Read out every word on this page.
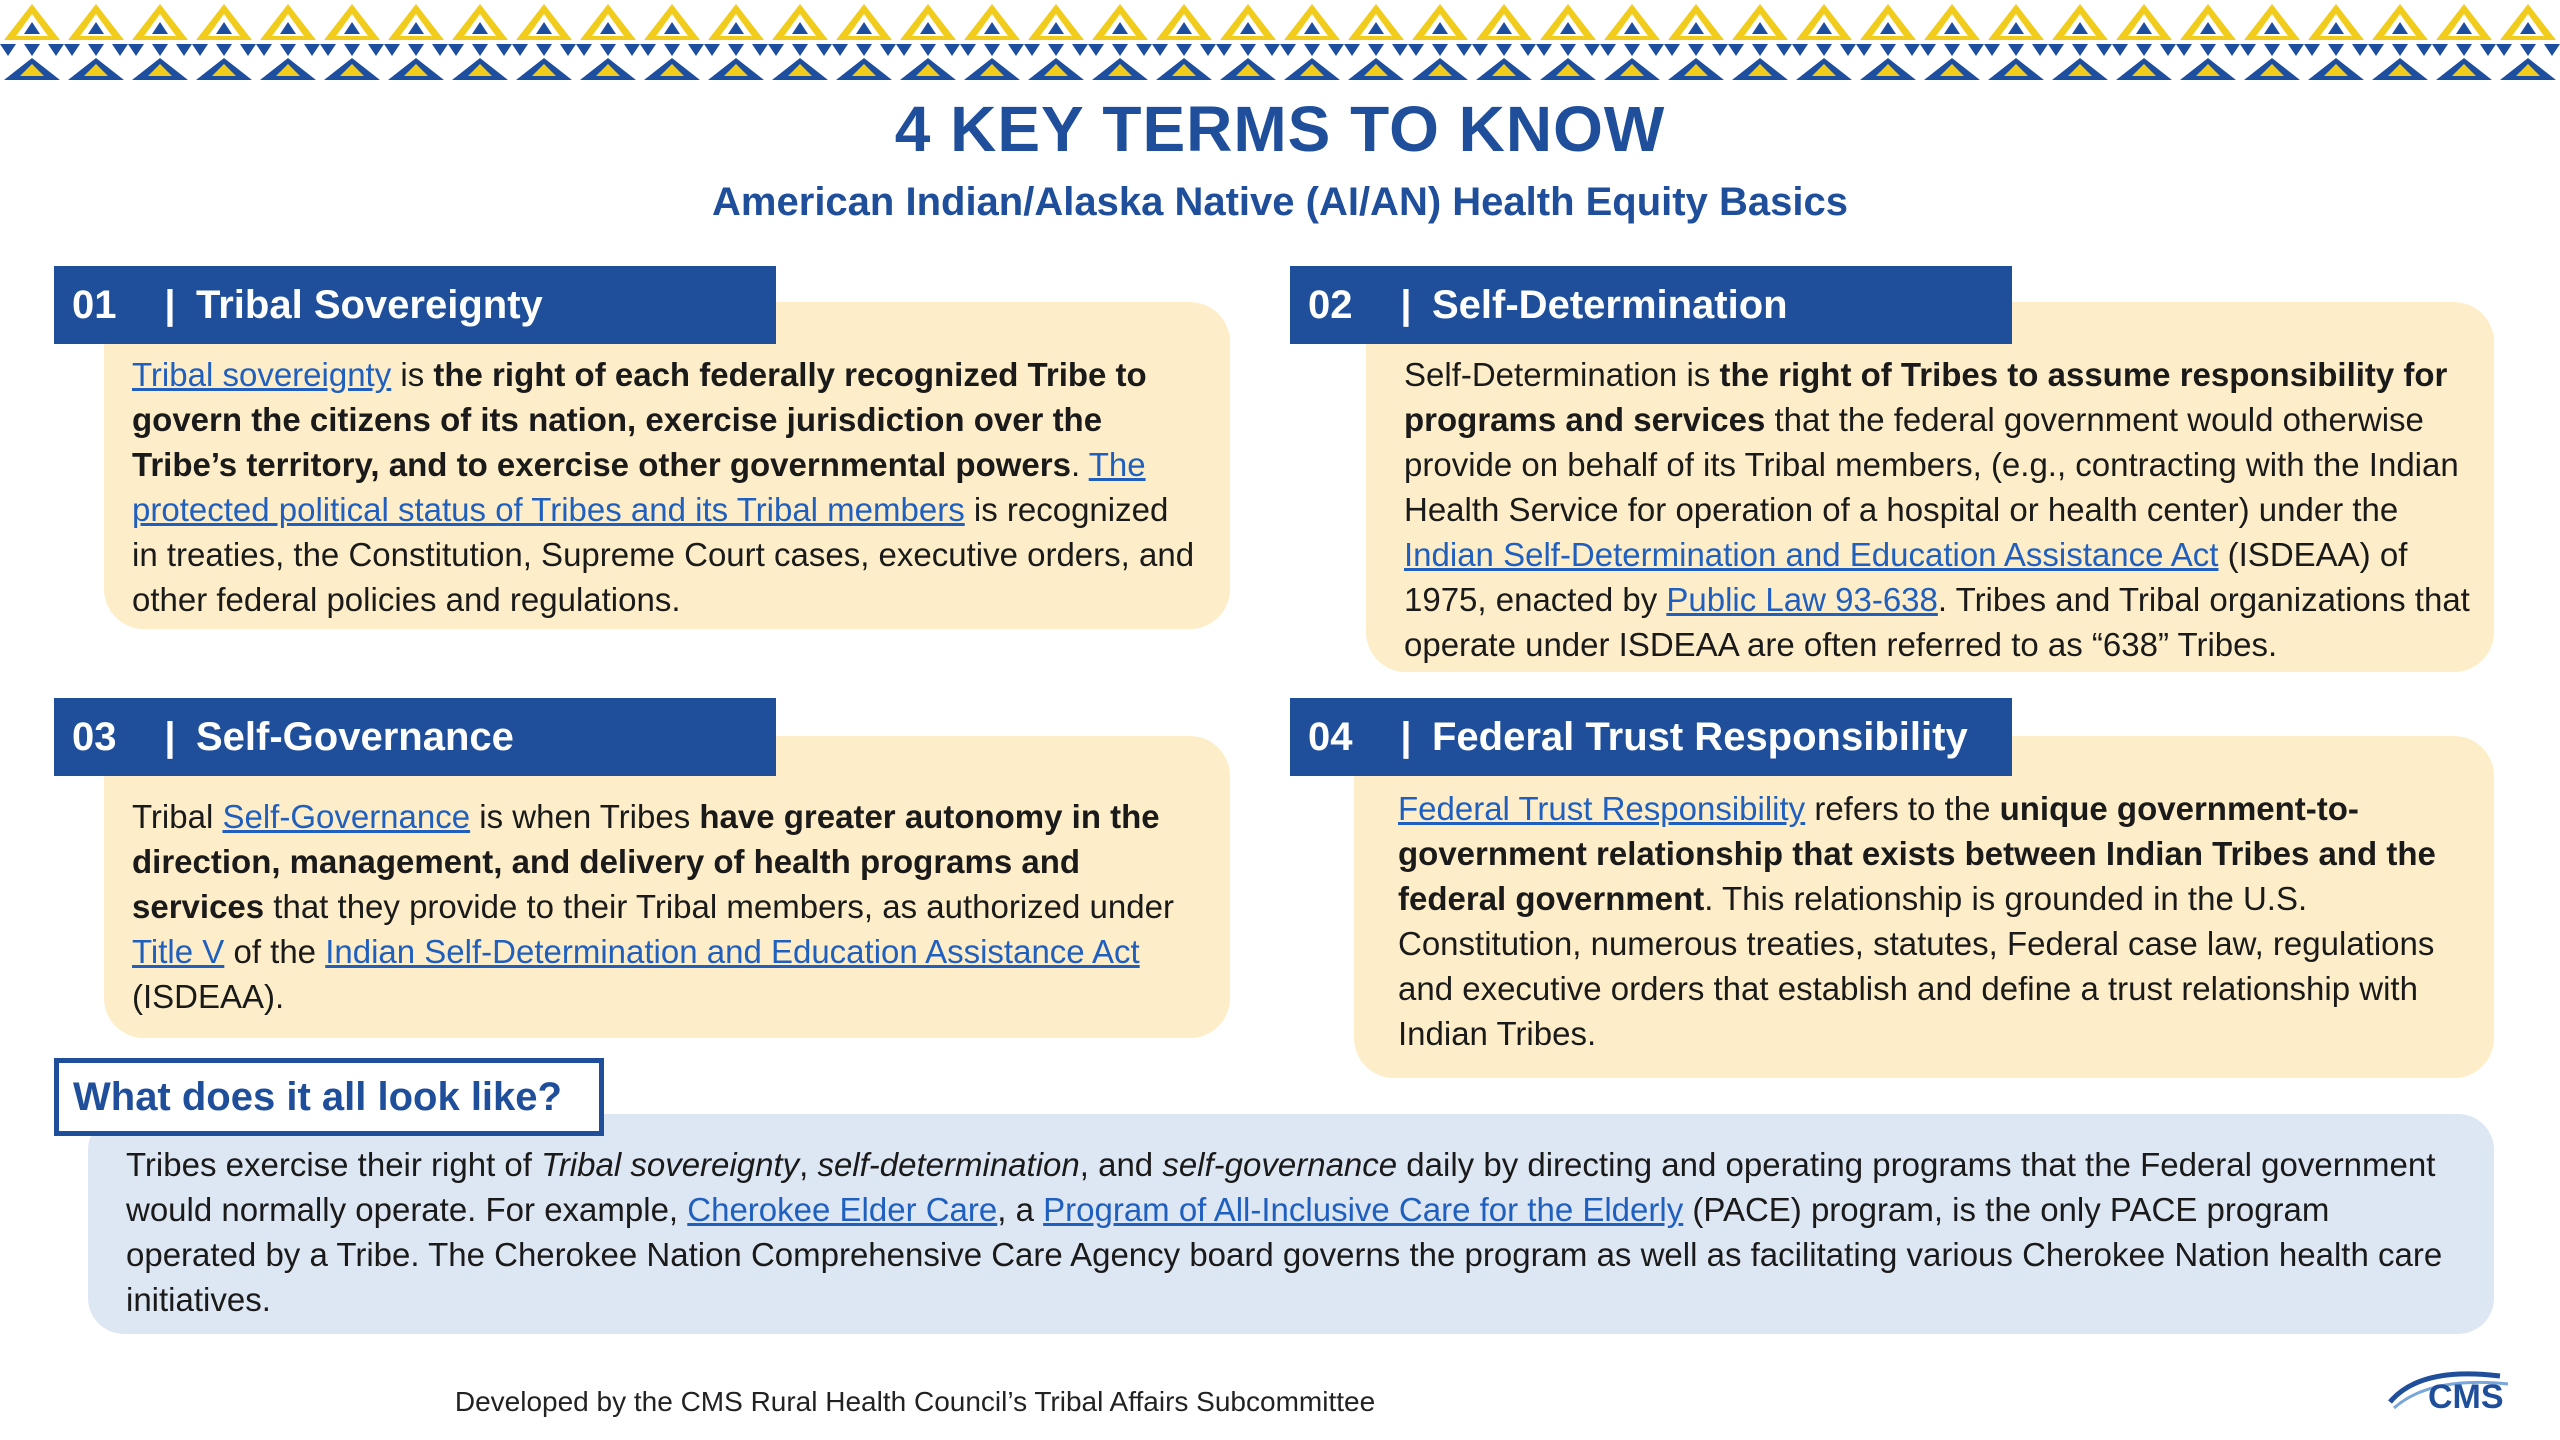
4 KEY TERMS TO KNOW
American Indian/Alaska Native (AI/AN) Health Equity Basics
Tribal sovereignty is the right of each federally recognized Tribe to govern the citizens of its nation, exercise jurisdiction over the Tribe’s territory, and to exercise other governmental powers. The protected political status of Tribes and its Tribal members is recognized in treaties, the Constitution, Supreme Court cases, executive orders, and other federal policies and regulations.
01 | Tribal Sovereignty
Self-Determination is the right of Tribes to assume responsibility for programs and services that the federal government would otherwise provide on behalf of its Tribal members, (e.g., contracting with the Indian Health Service for operation of a hospital or health center) under the Indian Self-Determination and Education Assistance Act (ISDEAA) of 1975, enacted by Public Law 93-638. Tribes and Tribal organizations that operate under ISDEAA are often referred to as “638” Tribes.
02 | Self-Determination
Tribal Self-Governance is when Tribes have greater autonomy in the direction, management, and delivery of health programs and services that they provide to their Tribal members, as authorized under Title V of the Indian Self-Determination and Education Assistance Act (ISDEAA).
03 | Self-Governance
Federal Trust Responsibility refers to the unique government-to-government relationship that exists between Indian Tribes and the federal government. This relationship is grounded in the U.S. Constitution, numerous treaties, statutes, Federal case law, regulations and executive orders that establish and define a trust relationship with Indian Tribes.
04 | Federal Trust Responsibility
Tribes exercise their right of Tribal sovereignty, self-determination, and self-governance daily by directing and operating programs that the Federal government would normally operate. For example, Cherokee Elder Care, a Program of All-Inclusive Care for the Elderly (PACE) program, is the only PACE program operated by a Tribe. The Cherokee Nation Comprehensive Care Agency board governs the program as well as facilitating various Cherokee Nation health care initiatives.
What does it all look like?
Developed by the CMS Rural Health Council’s Tribal Affairs Subcommittee	CMS
